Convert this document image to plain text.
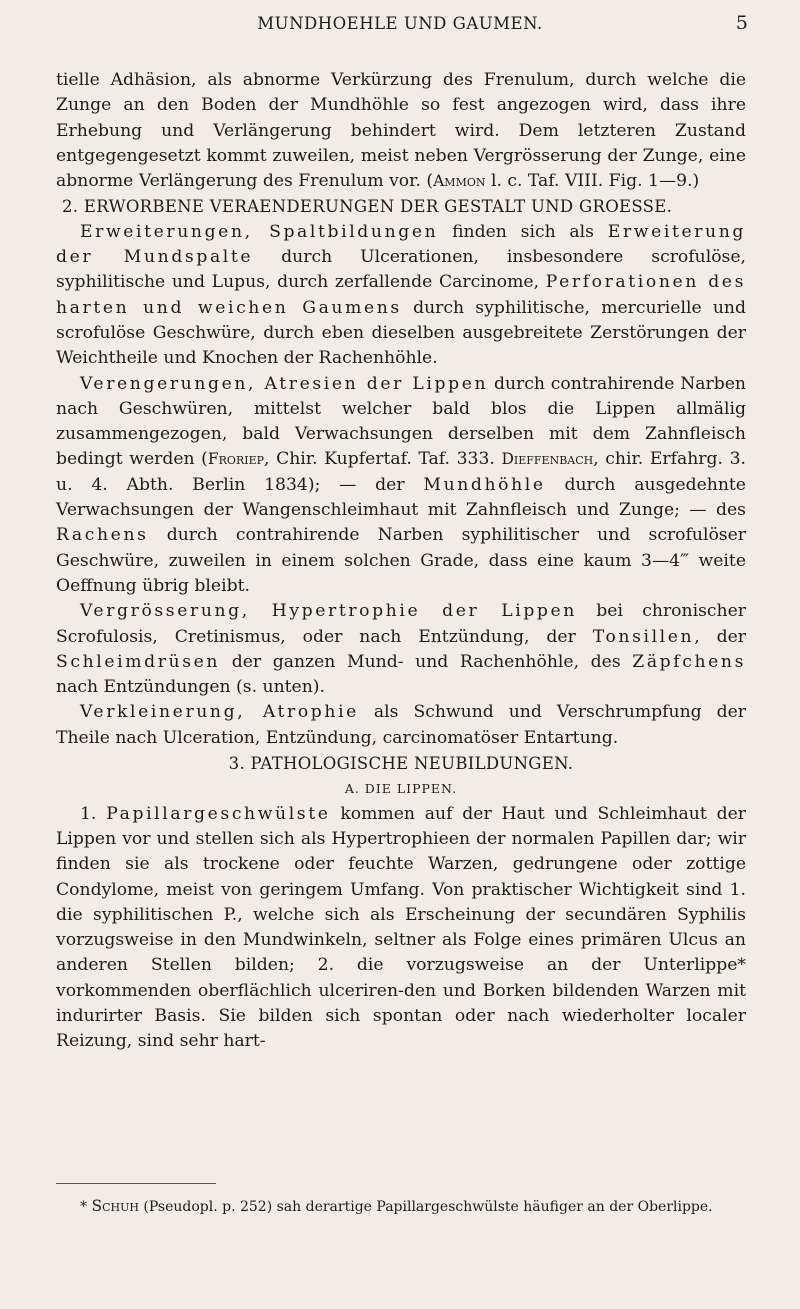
MUNDHOEHLE UND GAUMEN.	5

tielle Adhäsion, als abnorme Verkürzung des Frenulum, durch welche die Zunge an den Boden der Mundhöhle so fest angezogen wird, dass ihre Erhebung und Verlängerung behindert wird. Dem letzteren Zustand entgegengesetzt kommt zuweilen, meist neben Vergrösserung der Zunge, eine abnorme Verlängerung des Frenulum vor. (Ammon l. c. Taf. VIII. Fig. 1—9.)

2. ERWORBENE VERAENDERUNGEN DER GESTALT UND GROESSE.

Erweiterungen, Spaltbildungen finden sich als Erweiterung der Mundspalte durch Ulcerationen, insbesondere scrofulöse, syphilitische und Lupus, durch zerfallende Carcinome, Perforationen des harten und weichen Gaumens durch syphilitische, mercurielle und scrofulöse Geschwüre, durch eben dieselben ausgebreitete Zerstörungen der Weichtheile und Knochen der Rachenhöhle.

Verengerungen, Atresien der Lippen durch contrahirende Narben nach Geschwüren, mittelst welcher bald blos die Lippen allmälig zusammengezogen, bald Verwachsungen derselben mit dem Zahnfleisch bedingt werden (Froriep, Chir. Kupfertaf. Taf. 333. Dieffenbach, chir. Erfahrg. 3. u. 4. Abth. Berlin 1834); — der Mundhöhle durch ausgedehnte Verwachsungen der Wangenschleimhaut mit Zahnfleisch und Zunge; — des Rachens durch contrahirende Narben syphilitischer und scrofulöser Geschwüre, zuweilen in einem solchen Grade, dass eine kaum 3—4‴ weite Oeffnung übrig bleibt.

Vergrösserung, Hypertrophie der Lippen bei chronischer Scrofulosis, Cretinismus, oder nach Entzündung, der Tonsillen, der Schleimdrüsen der ganzen Mund- und Rachenhöhle, des Zäpfchens nach Entzündungen (s. unten).

Verkleinerung, Atrophie als Schwund und Verschrumpfung der Theile nach Ulceration, Entzündung, carcinomatöser Entartung.

3. PATHOLOGISCHE NEUBILDUNGEN.

A. DIE LIPPEN.

1. Papillargeschwülste kommen auf der Haut und Schleimhaut der Lippen vor und stellen sich als Hypertrophieen der normalen Papillen dar; wir finden sie als trockene oder feuchte Warzen, gedrungene oder zottige Condylome, meist von geringem Umfang. Von praktischer Wichtigkeit sind 1. die syphilitischen P., welche sich als Erscheinung der secundären Syphilis vorzugsweise in den Mundwinkeln, seltner als Folge eines primären Ulcus an anderen Stellen bilden; 2. die vorzugsweise an der Unterlippe* vorkommenden oberflächlich ulceriren-den und Borken bildenden Warzen mit indurirter Basis. Sie bilden sich spontan oder nach wiederholter localer Reizung, sind sehr hart-

* Schuh (Pseudopl. p. 252) sah derartige Papillargeschwülste häufiger an der Oberlippe.
